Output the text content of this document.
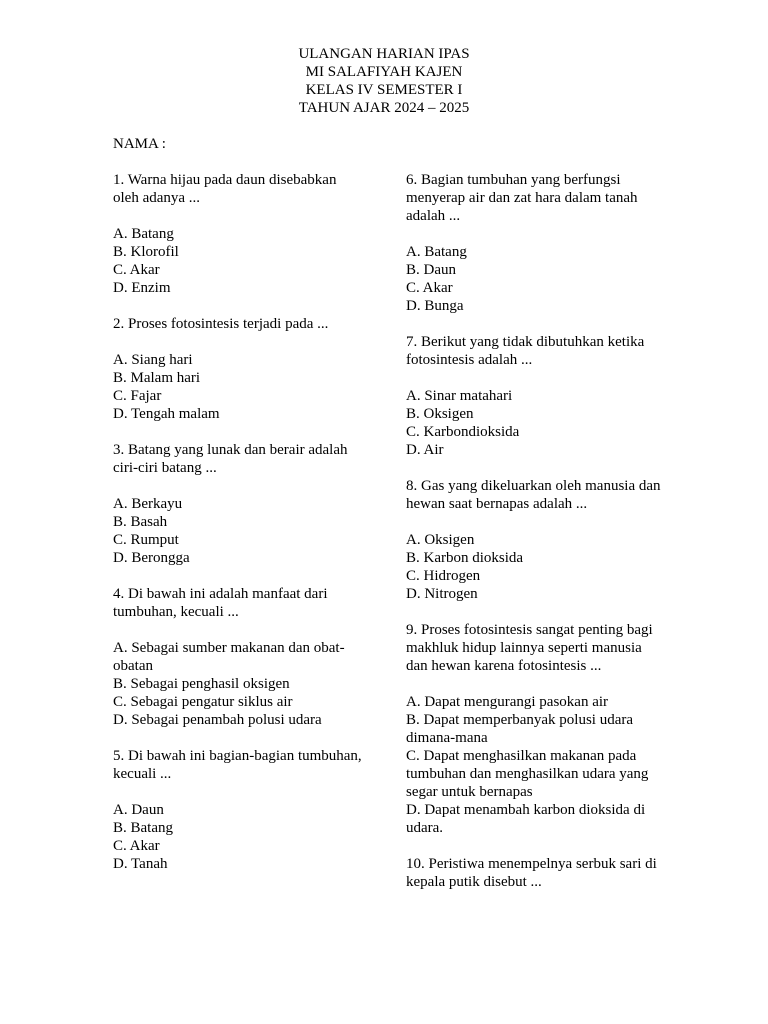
ULANGAN HARIAN IPAS
MI SALAFIYAH KAJEN
KELAS IV SEMESTER I
TAHUN AJAR 2024 – 2025
NAMA :
1. Warna hijau pada daun disebabkan oleh adanya ...
A. Batang
B. Klorofil
C. Akar
D. Enzim
2. Proses fotosintesis terjadi pada ...
A. Siang hari
B. Malam hari
C. Fajar
D. Tengah malam
3. Batang yang lunak dan berair adalah ciri-ciri batang ...
A. Berkayu
B. Basah
C. Rumput
D. Berongga
4. Di bawah ini adalah manfaat dari tumbuhan, kecuali ...
A. Sebagai sumber makanan dan obat-obatan
B. Sebagai penghasil oksigen
C. Sebagai pengatur siklus air
D. Sebagai penambah polusi udara
5. Di bawah ini bagian-bagian tumbuhan, kecuali ...
A. Daun
B. Batang
C. Akar
D. Tanah
6. Bagian tumbuhan yang berfungsi menyerap air dan zat hara dalam tanah adalah ...
A. Batang
B. Daun
C. Akar
D. Bunga
7. Berikut yang tidak dibutuhkan ketika fotosintesis adalah ...
A. Sinar matahari
B. Oksigen
C. Karbondioksida
D. Air
8. Gas yang dikeluarkan oleh manusia dan hewan saat bernapas adalah ...
A. Oksigen
B. Karbon dioksida
C. Hidrogen
D. Nitrogen
9. Proses fotosintesis sangat penting bagi makhluk hidup lainnya seperti manusia dan hewan karena fotosintesis ...
A. Dapat mengurangi pasokan air
B. Dapat memperbanyak polusi udara dimana-mana
C. Dapat menghasilkan makanan pada tumbuhan dan menghasilkan udara yang segar untuk bernapas
D. Dapat menambah karbon dioksida di udara.
10. Peristiwa menempelnya serbuk sari di kepala putik disebut ...
